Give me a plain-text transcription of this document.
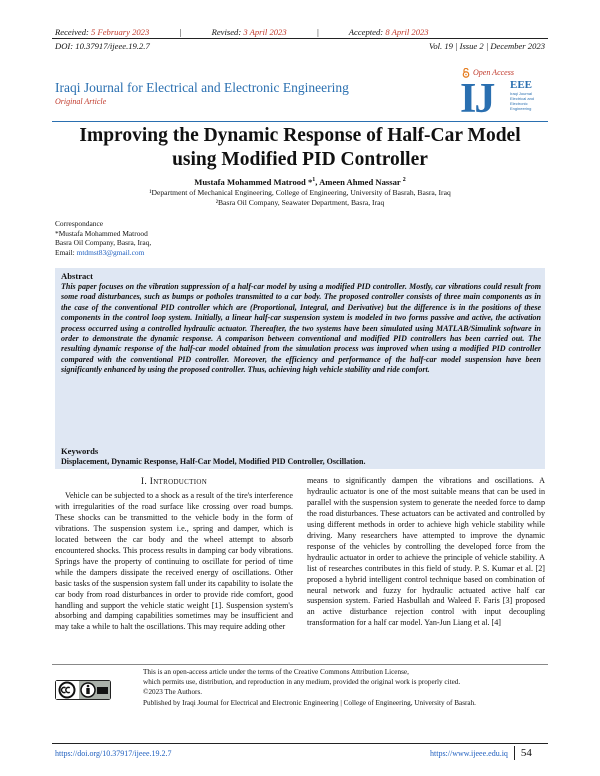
Received: 5 February 2023	|	Revised: 3 April 2023	|	Accepted: 8 April 2023
DOI: 10.37917/ijeee.19.2.7	Vol. 19 | Issue 2 | December 2023
Iraqi Journal for Electrical and Electronic Engineering
Original Article
Open Access
IJ EEE
Iraqi Journal
Electrical and
Electronic
Engineering
Improving the Dynamic Response of Half-Car Model
using Modified PID Controller
Mustafa Mohammed Matrood *$^1$, Ameen Ahmed Nassar $^2$
¹Department of Mechanical Engineering, College of Engineering, University of Basrah, Basra, Iraq
²Basra Oil Company, Seawater Department, Basra, Iraq
Correspondance
*Mustafa Mohammed Matrood
Basra Oil Company, Basra, Iraq,
Email: mtdmst83@gmail.com
Abstract
This paper focuses on the vibration suppression of a half-car model by using a modified PID controller. Mostly, car vibrations could result from some road disturbances, such as bumps or potholes transmitted to a car body. The proposed controller consists of three main components as in the case of the conventional PID controller which are (Proportional, Integral, and Derivative) but the difference is in the positions of these components in the control loop system. Initially, a linear half-car suspension system is modeled in two forms passive and active, the activation process occurred using a controlled hydraulic actuator. Thereafter, the two systems have been simulated using MATLAB/Simulink software in order to demonstrate the dynamic response. A comparison between conventional and modified PID controllers has been carried out. The resulting dynamic response of the half-car model obtained from the simulation process was improved when using a modified PID controller compared with the conventional PID controller. Moreover, the efficiency and performance of the half-car model suspension have been significantly enhanced by using the proposed controller. Thus, achieving high vehicle stability and ride comfort.
Keywords
Displacement, Dynamic Response, Half-Car Model, Modified PID Controller, Oscillation.
I. Introduction
Vehicle can be subjected to a shock as a result of the tire's interference with irregularities of the road surface like crossing over road bumps. These shocks can be transmitted to the vehicle body in the form of vibrations. The suspension system i.e., spring and damper, which is located between the car body and the wheel attempt to absorb encountered shocks. This process results in damping car body vibrations. Springs have the property of continuing to oscillate for period of time while the dampers dissipate the received energy of oscillations. Other basic tasks of the suspension system fall under its capability to isolate the car body from road disturbances in order to provide ride comfort, good handling and support the vehicle static weight [1]. Suspension system's absorbing and damping capabilities sometimes may be insufficient and may take a while to halt the oscillations. This may require adding other
means to significantly dampen the vibrations and oscillations. A hydraulic actuator is one of the most suitable means that can be used in parallel with the suspension system to generate the needed force to damp the road disturbances. These actuators can be activated and controlled by using different methods in order to achieve high vehicle stability while driving. Many researchers have attempted to improve the dynamic response of the vehicles by controlling the developed force from the hydraulic actuator in order to achieve the principle of vehicle stability. A list of researches contributes in this field of study. P. S. Kumar et al. [2] proposed a hybrid intelligent control technique based on combination of neural network and fuzzy for hydraulic actuated active half car suspension system. Faried Hasbullah and Waleed F. Faris [3] proposed an active disturbance rejection control with input decoupling transformation for a half car model. Yan-Jun Liang et al. [4]
This is an open-access article under the terms of the Creative Commons Attribution License,
which permits use, distribution, and reproduction in any medium, provided the original work is properly cited.
©2023 The Authors.
Published by Iraqi Journal for Electrical and Electronic Engineering | College of Engineering, University of Basrah.
https://doi.org/10.37917/ijeee.19.2.7	https://www.ijeee.edu.iq 54
